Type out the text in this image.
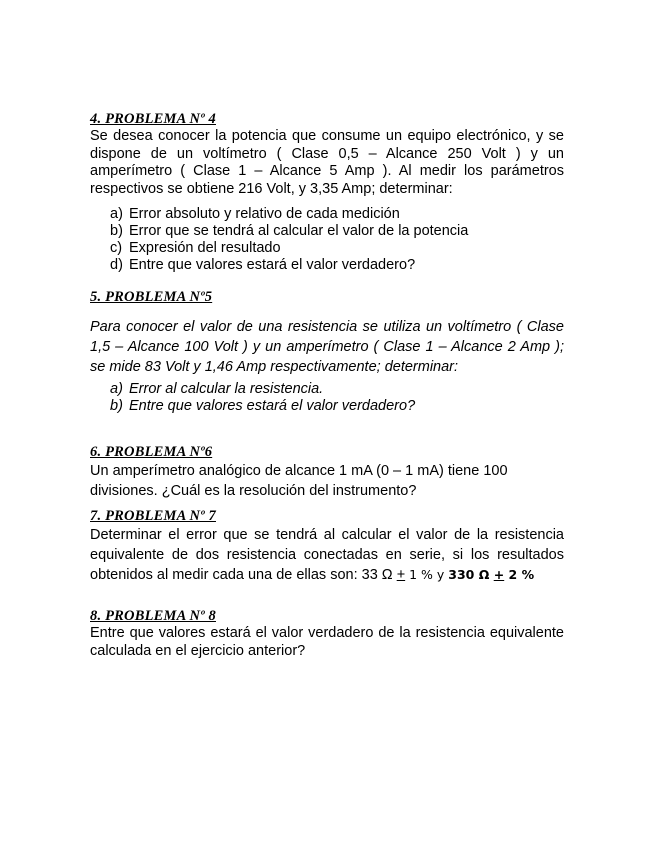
4. PROBLEMA Nº 4
Se desea conocer la potencia que consume un equipo electrónico, y se dispone de un voltímetro ( Clase 0,5 – Alcance 250 Volt ) y un amperímetro ( Clase 1 – Alcance 5 Amp ). Al medir los parámetros respectivos se obtiene 216 Volt, y 3,35 Amp; determinar:
a) Error absoluto y relativo de cada medición
b) Error que se tendrá al calcular el valor de la potencia
c) Expresión del resultado
d) Entre que valores estará el valor verdadero?
5. PROBLEMA Nº5
Para conocer el valor de una resistencia se utiliza un voltímetro ( Clase 1,5 – Alcance 100 Volt ) y un amperímetro ( Clase 1 – Alcance 2 Amp ); se mide 83 Volt y 1,46 Amp respectivamente; determinar:
a) Error al calcular la resistencia.
b) Entre que valores estará el valor verdadero?
6. PROBLEMA Nº6
Un amperímetro analógico de alcance 1 mA (0 – 1 mA) tiene 100 divisiones. ¿Cuál es la resolución del instrumento?
7. PROBLEMA Nº 7
Determinar el error que se tendrá al calcular el valor de la resistencia equivalente de dos resistencia conectadas en serie, si los resultados obtenidos al medir cada una de ellas son: 33 Ω + 1 % y 330 Ω + 2 %
8. PROBLEMA Nº 8
Entre que valores estará el valor verdadero de la resistencia equivalente calculada en el ejercicio anterior?
